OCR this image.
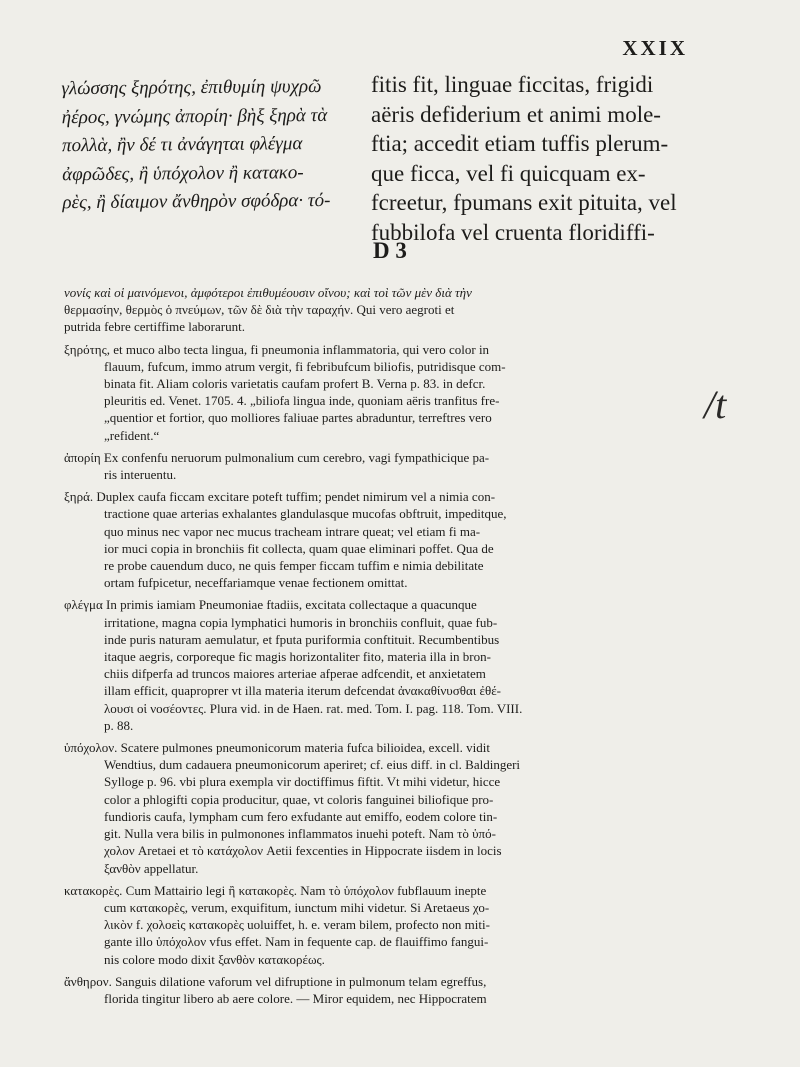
XXIX
γλώσσης ξηρότης, ἐπιθυμίη ψυχρῶ
ἠέρος, γνώμης ἀπορίη· βὴξ ξηρὰ τὰ
πολλὰ, ἢν δέ τι ἀνάγηται φλέγμα
ἀφρῶδες, ἢ ὑπόχολον ἢ κατακο-
ρὲς, ἢ δίαιμον ἄνθηρὸν σφόδρα· τό-
fitis fit, linguae ficcitas, frigidi
aëris defiderium et animi mole-
ftia; accedit etiam tuffis plerum-
que ficca, vel fi quicquam ex-
fcreetur, fpumans exit pituita, vel
fubbilofa vel cruenta floridiffi-
D 3
/t
νονίς καὶ οἱ μαινόμενοι, ἀμφότεροι ἐπιθυμέουσιν οἴνου; καὶ τοὶ τῶν μὲν διὰ τὴν
θερμασίην, θερμὸς ὁ πνεύμων, τῶν δὲ διὰ τὴν ταραχήν. Qui vero aegroti et
putrida febre certiffime laborarunt.
ξηρότης, et muco albo tecta lingua, fi pneumonia inflammatoria, qui vero color in
flauum, fufcum, immo atrum vergit, fi febribufcum biliofis, putridisque com-
binata fit. Aliam coloris varietatis caufam profert B. Verna p. 83. in defcr.
pleuritis ed. Venet. 1705. 4. „biliofa lingua inde, quoniam aëris tranfitus fre-
„quentior et fortior, quo molliores faliuae partes abraduntur, terreftres vero
„refident.“
ἀπορίη Ex confenfu neruorum pulmonalium cum cerebro, vagi fympathicique pa-
ris interuentu.
ξηρά. Duplex caufa ficcam excitare poteft tuffim; pendet nimirum vel a nimia con-
tractione quae arterias exhalantes glandulasque mucofas obftruit, impeditque,
quo minus nec vapor nec mucus tracheam intrare queat; vel etiam fi ma-
ior muci copia in bronchiis fit collecta, quam quae eliminari poffet. Qua de
re probe cauendum duco, ne quis femper ficcam tuffim e nimia debilitate
ortam fufpicetur, neceffariamque venae fectionem omittat.
φλέγμα In primis iamiam Pneumoniae ftadiis, excitata collectaque a quacunque
irritatione, magna copia lymphatici humoris in bronchiis confluit, quae fub-
inde puris naturam aemulatur, et fputa puriformia conftituit. Recumbentibus
itaque aegris, corporeque fic magis horizontaliter fito, materia illa in bron-
chiis difperfa ad truncos maiores arteriae afperae adfcendit, et anxietatem
illam efficit, quaproprer vt illa materia iterum defcendat ἀνακαθίνυσθαι ἐθέ-
λουσι οἱ νοσέοντες. Plura vid. in de Haen. rat. med. Tom. I. pag. 118. Tom. VIII.
p. 88.
ὑπόχολον. Scatere pulmones pneumonicorum materia fufca bilioidea, excell. vidit
Wendtius, dum cadauera pneumonicorum aperiret; cf. eius diff. in cl. Baldingeri
Sylloge p. 96. vbi plura exempla vir doctiffimus fiftit. Vt mihi videtur, hicce
color a phlogifti copia producitur, quae, vt coloris fanguinei biliofique pro-
fundioris caufa, lympham cum fero exfudante aut emiffo, eodem colore tin-
git. Nulla vera bilis in pulmonones inflammatos inuehi poteft. Nam τὸ ὑπό-
χολον Aretaei et τὸ κατάχολον Aetii fexcenties in Hippocrate iisdem in locis
ξανθὸν appellatur.
κατακορὲς. Cum Mattairio legi ἢ κατακορὲς. Nam τὸ ὑπόχολον fubflauum inepte
cum κατακορὲς, verum, exquifitum, iunctum mihi videtur. Si Aretaeus χο-
λικὸν f. χολοεὶς κατακορὲς uoluiffet, h. e. veram bilem, profecto non miti-
gante illo ὑπόχολον vfus effet. Nam in fequente cap. de flauiffimo fangui-
nis colore modo dixit ξανθὸν κατακορέως.
ἄνθηρον. Sanguis dilatione vaforum vel difruptione in pulmonum telam egreffus,
florida tingitur libero ab aere colore. — Miror equidem, nec Hippocratem
